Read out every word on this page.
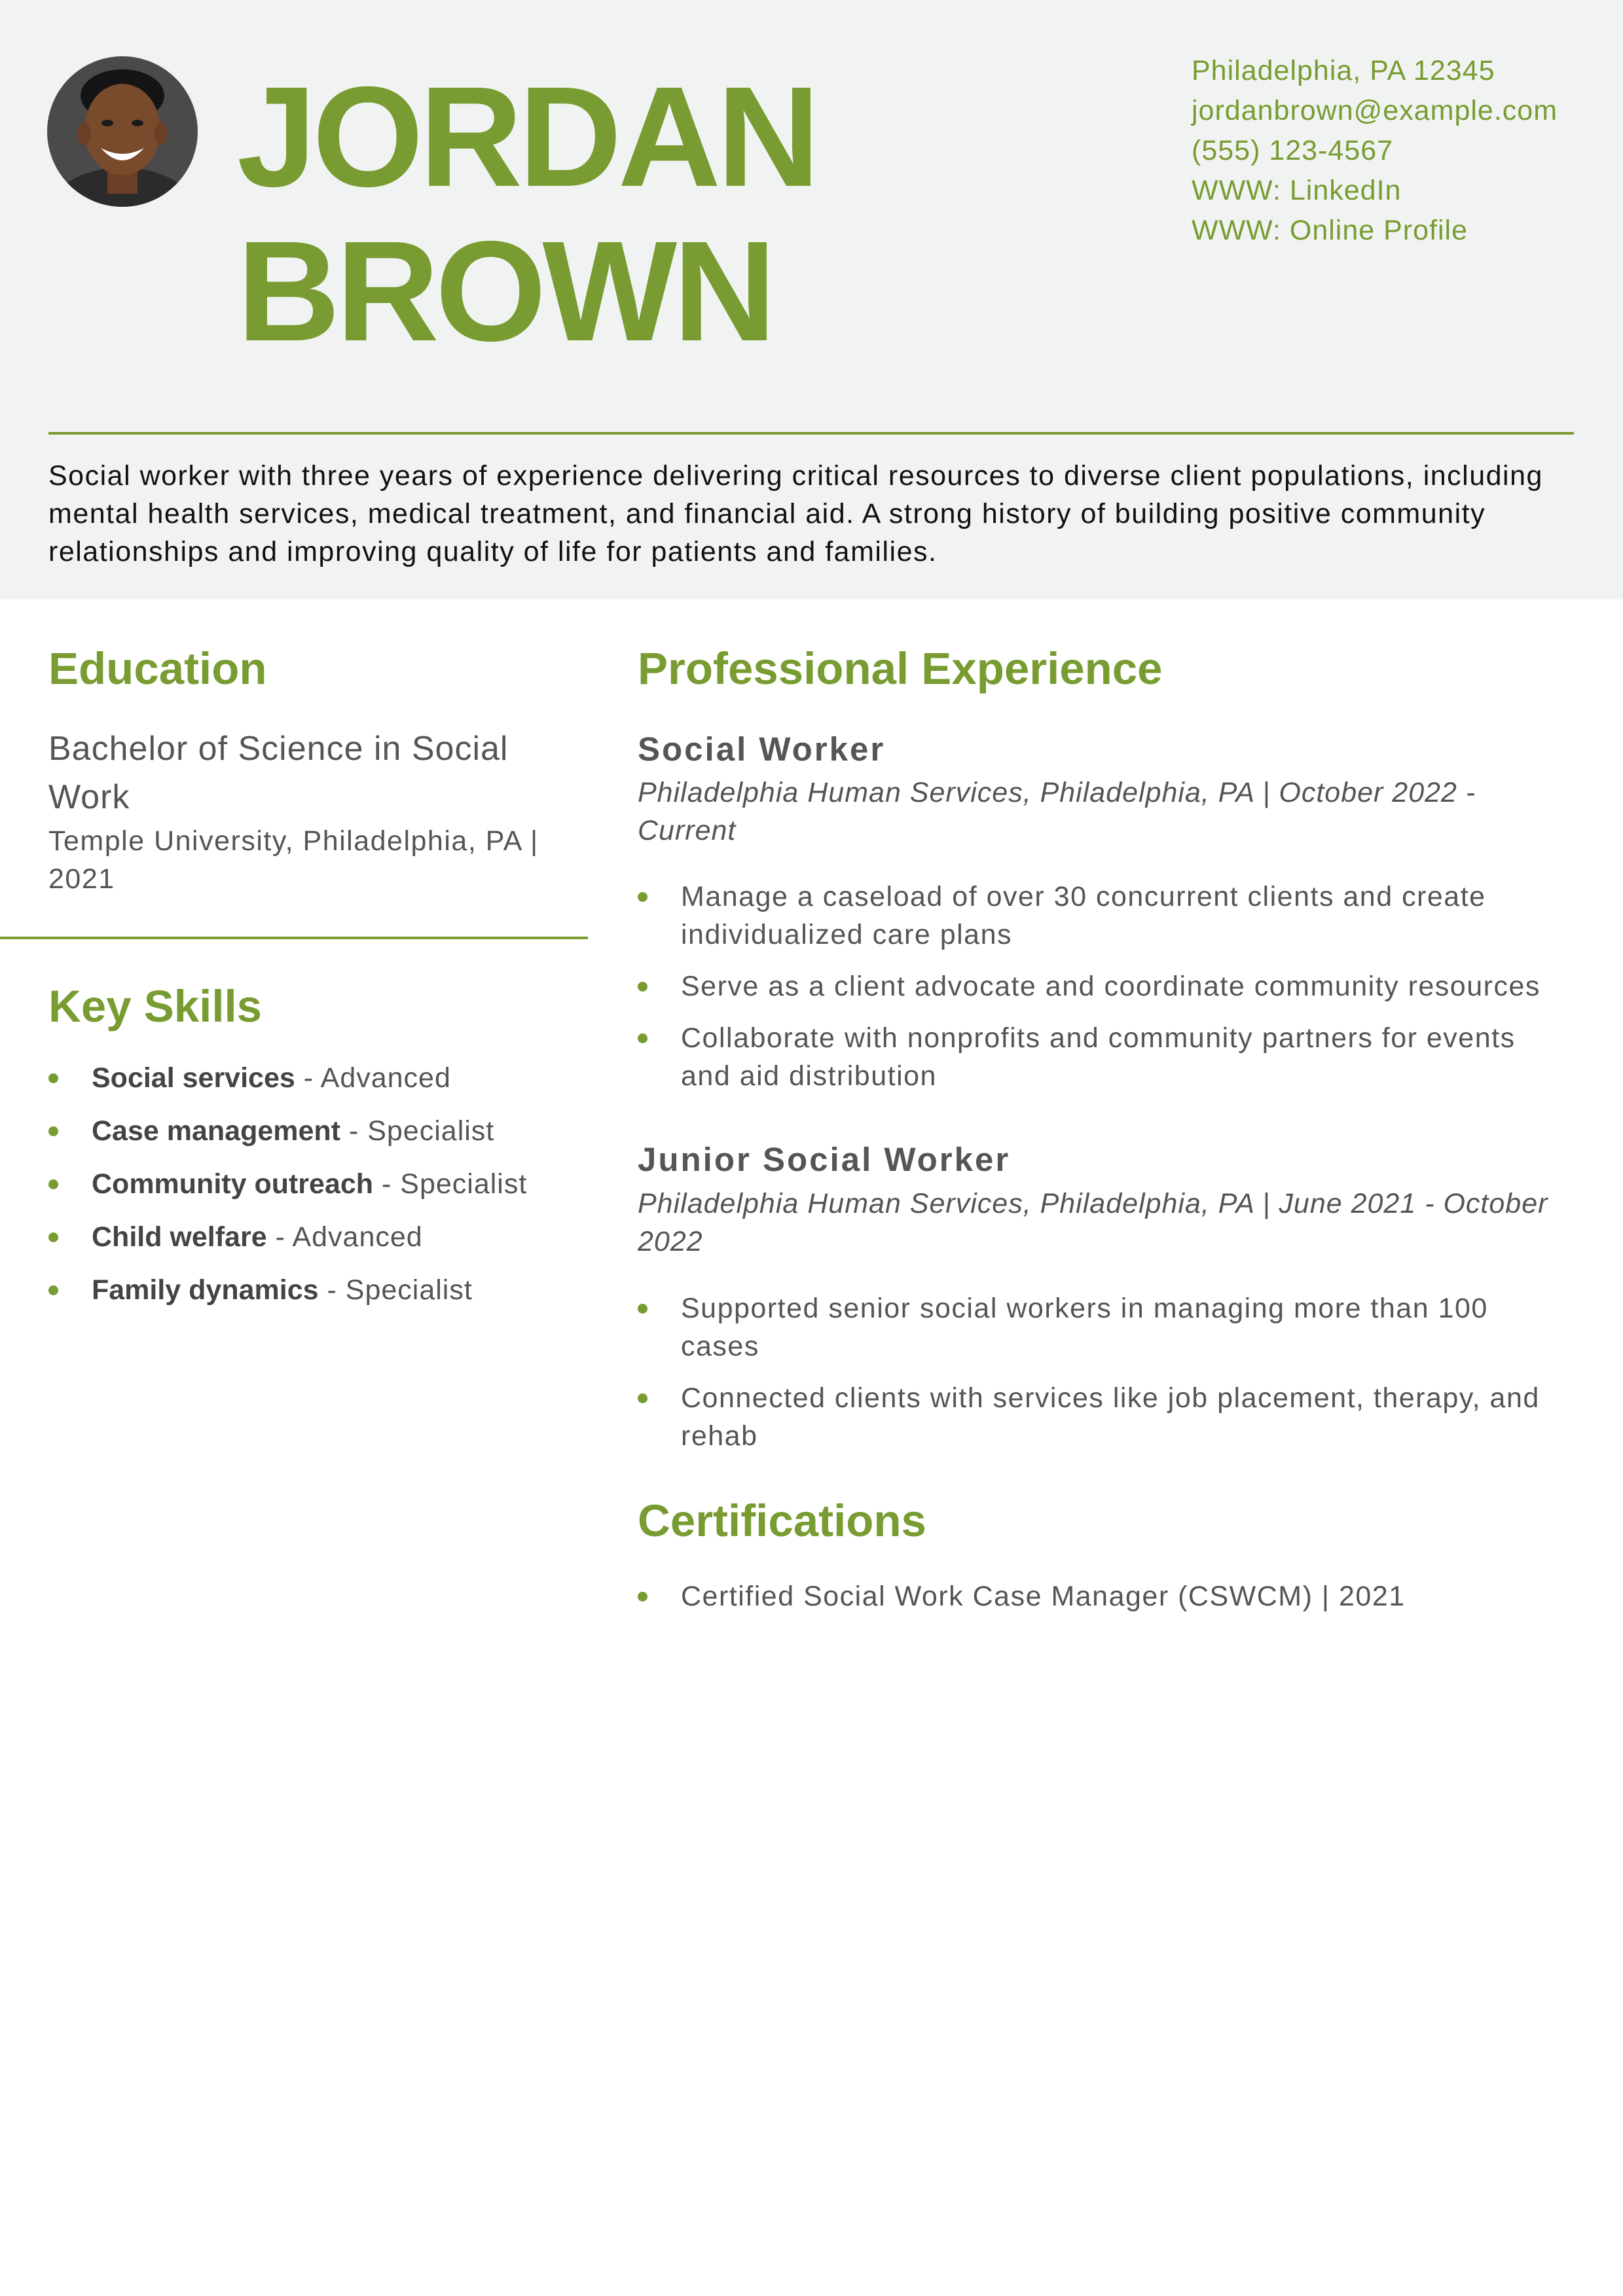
JORDAN
BROWN
Philadelphia, PA 12345
jordanbrown@example.com
(555) 123-4567
WWW: LinkedIn
WWW: Online Profile
Social worker with three years of experience delivering critical resources to diverse client populations, including mental health services, medical treatment, and financial aid. A strong history of building positive community relationships and improving quality of life for patients and families.
Education
Bachelor of Science in Social Work
Temple University, Philadelphia, PA | 2021
Key Skills
Social services - Advanced
Case management - Specialist
Community outreach - Specialist
Child welfare - Advanced
Family dynamics - Specialist
Professional Experience
Social Worker
Philadelphia Human Services, Philadelphia, PA | October 2022 - Current
Manage a caseload of over 30 concurrent clients and create individualized care plans
Serve as a client advocate and coordinate community resources
Collaborate with nonprofits and community partners for events and aid distribution
Junior Social Worker
Philadelphia Human Services, Philadelphia, PA | June 2021 - October 2022
Supported senior social workers in managing more than 100 cases
Connected clients with services like job placement, therapy, and rehab
Certifications
Certified Social Work Case Manager (CSWCM) | 2021
